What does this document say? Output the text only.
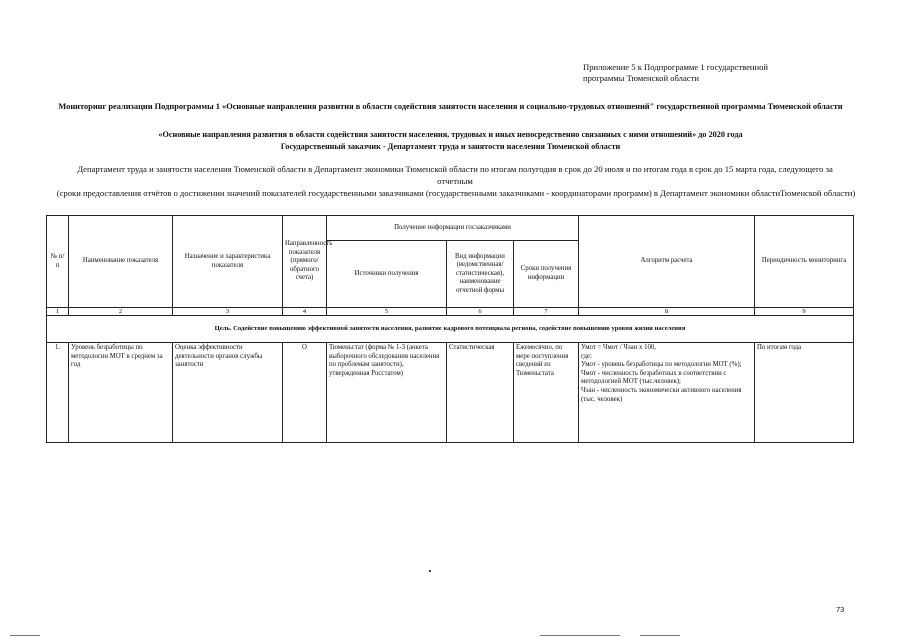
Приложение 5 к Подпрограмме 1 государственной
программы Тюменской области
Мониторинг реализации Подпрограммы 1 «Основные направления развития в области содействия занятости населения и социально-трудовых отношений" государственной программы Тюменской области
«Основные направления развития в области содействия занятости населения, трудовых и иных непосредственно связанных с ними отношений» до 2020 года
Государственный заказчик - Департамент труда и занятости населения Тюменской области
Департамент труда и занятости населения Тюменской области в Департамент экономики Тюменской области по итогам полугодия в срок до 20 июля и по итогам года в срок до 15 марта года, следующего за отчетным
(сроки предоставления отчётов о достижении значений показателей государственными заказчиками (государственными заказчиками - координаторами программ) в Департамент экономики областиТюменской области)
№ п/п	Наименование показателя	Назначение и характеристика показателя	Направленность показателя (прямого/ обратного счета)	Получение информации госзаказчиками			Алгоритм расчета	Периодичность мониторинга
				Источники получения	Вид информации (ведомственная/ статистическая), наименование отчетной формы	Сроки получения информации		
1	2	3	4	5	6	7	8	9
Цель. Содействие повышению эффективной занятости населения, развитие кадрового потенциала региона, содействие повышению уровня жизни населения								
1.	Уровень безработицы по методологии МОТ в среднем за год	Оценка эффективности деятельности органов службы занятости	О	Тюменьстат (форма № 1-3 (анкета выборочного обследования населения по проблемам занятости), утвержденная Росстатом)	Статистическая	Ежемесячно, по мере поступления сведений из Тюменьстата	Умот = Чмот / Чэан х 100,
где:
Умот - уровень безработицы по методологии МОТ (%);
Чмот - численность безработных в соответствии с методологией МОТ (тыс.человек);
Чэан - численность экономически активного населения (тыс. человек)	По итогам года
73
